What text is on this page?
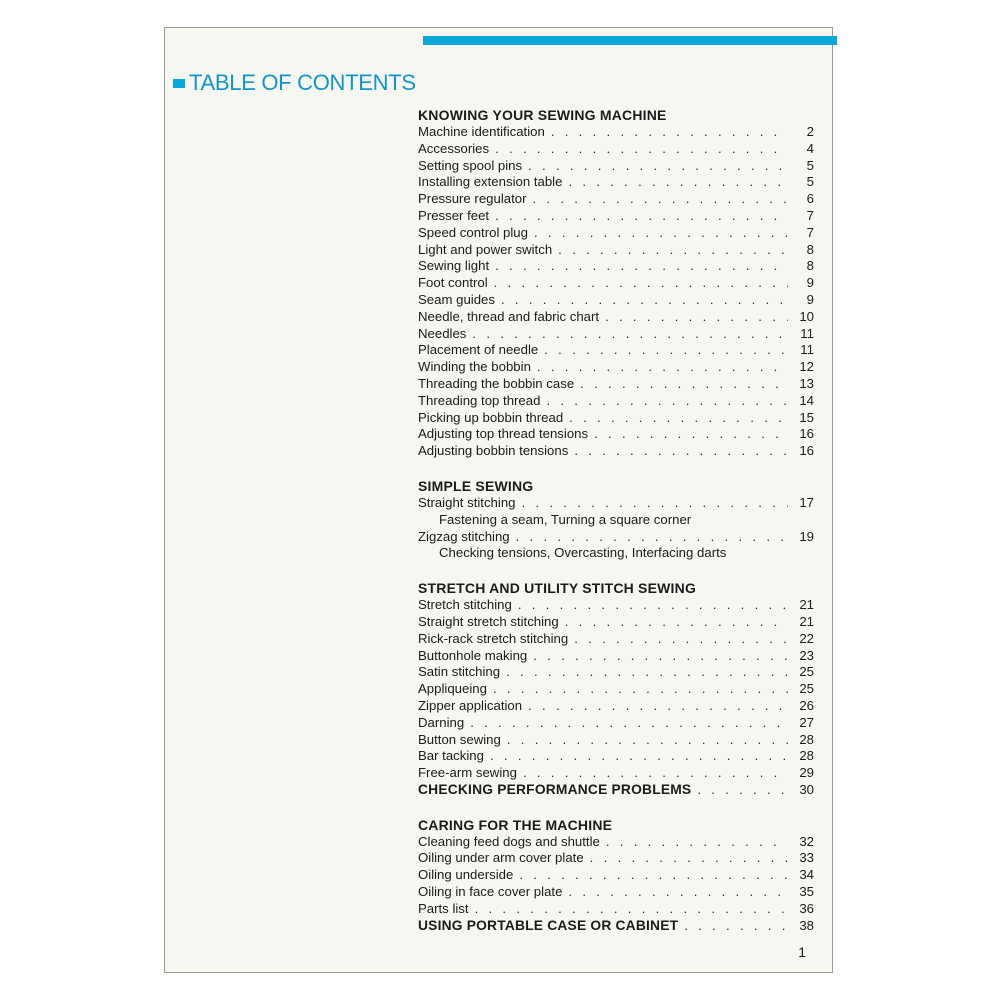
TABLE OF CONTENTS
KNOWING YOUR SEWING MACHINE
Machine identification . . .	2
Accessories . . .	4
Setting spool pins . . .	5
Installing extension table . . .	5
Pressure regulator . . .	6
Presser feet . . .	7
Speed control plug . . .	7
Light and power switch . . .	8
Sewing light . . .	8
Foot control . . .	9
Seam guides . . .	9
Needle, thread and fabric chart . . .	10
Needles . . .	11
Placement of needle . . .	11
Winding the bobbin . . .	12
Threading the bobbin case . . .	13
Threading top thread . . .	14
Picking up bobbin thread . . .	15
Adjusting top thread tensions . . .	16
Adjusting bobbin tensions . . .	16
SIMPLE SEWING
Straight stitching . . .	17
Fastening a seam, Turning a square corner
Zigzag stitching . . .	19
Checking tensions, Overcasting, Interfacing darts
STRETCH AND UTILITY STITCH SEWING
Stretch stitching . . .	21
Straight stretch stitching . . .	21
Rick-rack stretch stitching . . .	22
Buttonhole making . . .	23
Satin stitching . . .	25
Appliqueing . . .	25
Zipper application . . .	26
Darning . . .	27
Button sewing . . .	28
Bar tacking . . .	28
Free-arm sewing . . .	29
CHECKING PERFORMANCE PROBLEMS . . .	30
CARING FOR THE MACHINE
Cleaning feed dogs and shuttle . . .	32
Oiling under arm cover plate . . .	33
Oiling underside . . .	34
Oiling in face cover plate . . .	35
Parts list . . .	36
USING PORTABLE CASE OR CABINET . . .	38
1
